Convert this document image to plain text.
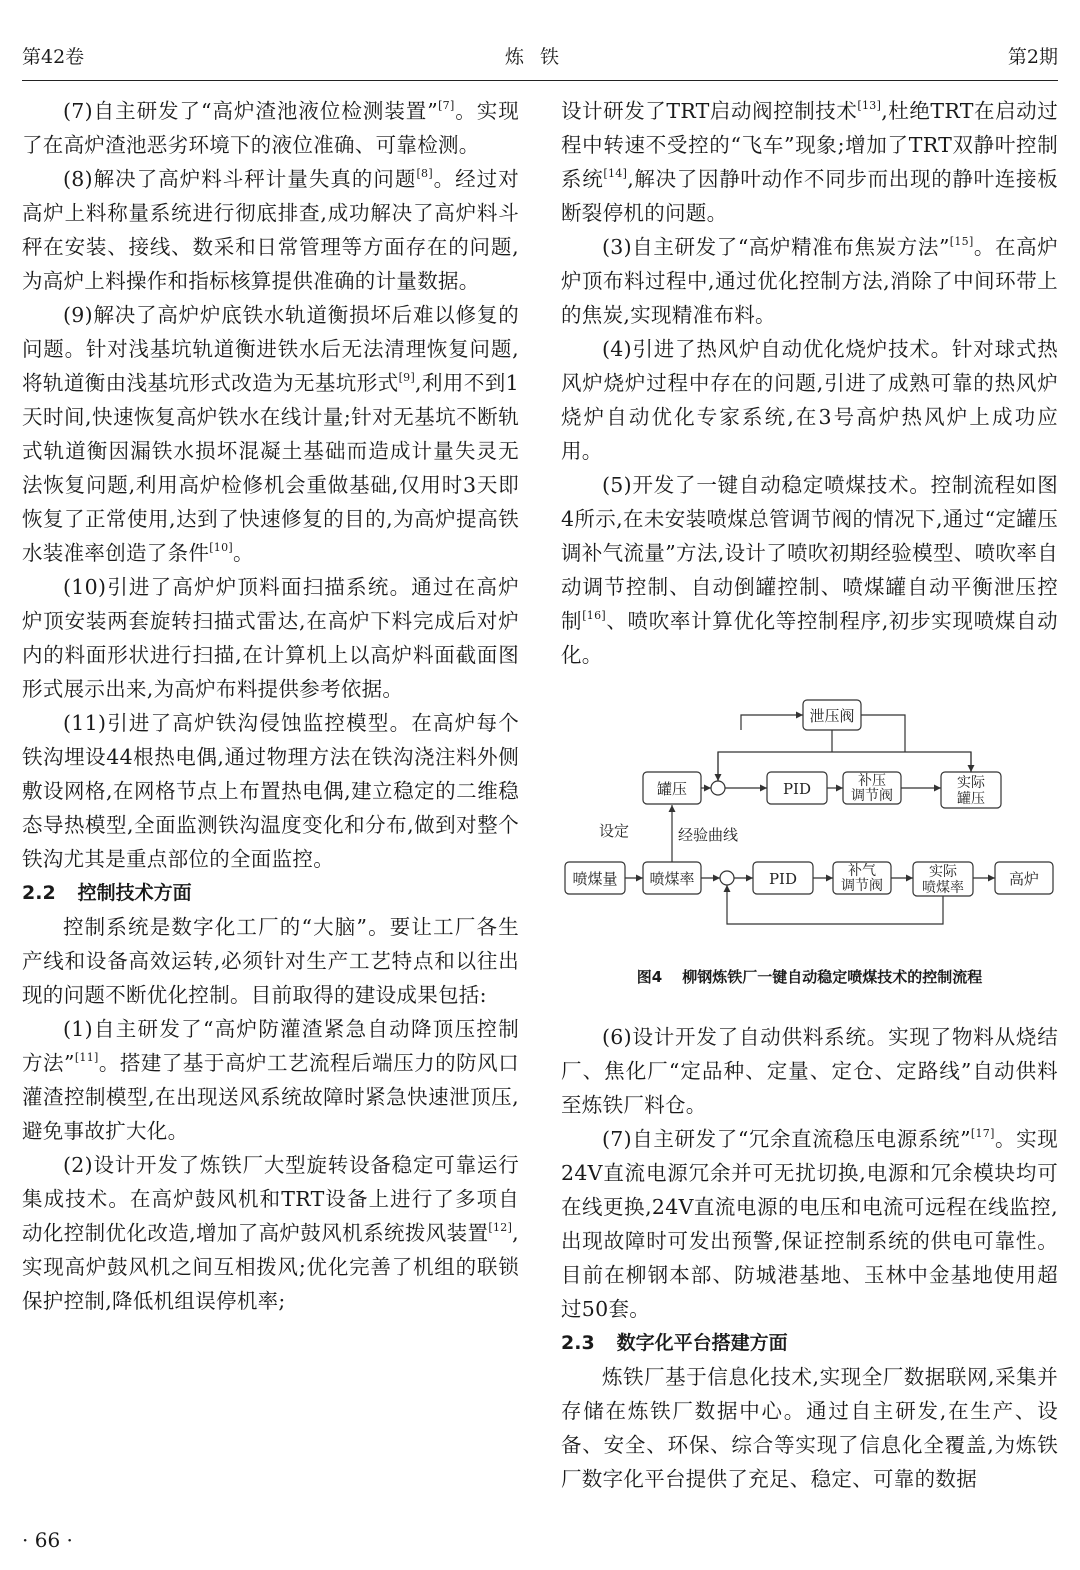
第42卷	炼铁	第2期

(7)自主研发了“高炉渣池液位检测装置”[7]。实现了在高炉渣池恶劣环境下的液位准确、可靠检测。

(8)解决了高炉料斗秤计量失真的问题[8]。经过对高炉上料称量系统进行彻底排查,成功解决了高炉料斗秤在安装、接线、数采和日常管理等方面存在的问题,为高炉上料操作和指标核算提供准确的计量数据。

(9)解决了高炉炉底铁水轨道衡损坏后难以修复的问题。针对浅基坑轨道衡进铁水后无法清理恢复问题,将轨道衡由浅基坑形式改造为无基坑形式[9],利用不到1天时间,快速恢复高炉铁水在线计量;针对无基坑不断轨式轨道衡因漏铁水损坏混凝土基础而造成计量失灵无法恢复问题,利用高炉检修机会重做基础,仅用时3天即恢复了正常使用,达到了快速修复的目的,为高炉提高铁水装准率创造了条件[10]。

(10)引进了高炉炉顶料面扫描系统。通过在高炉炉顶安装两套旋转扫描式雷达,在高炉下料完成后对炉内的料面形状进行扫描,在计算机上以高炉料面截面图形式展示出来,为高炉布料提供参考依据。

(11)引进了高炉铁沟侵蚀监控模型。在高炉每个铁沟埋设44根热电偶,通过物理方法在铁沟浇注料外侧敷设网格,在网格节点上布置热电偶,建立稳定的二维稳态导热模型,全面监测铁沟温度变化和分布,做到对整个铁沟尤其是重点部位的全面监控。

2.2 控制技术方面

控制系统是数字化工厂的“大脑”。要让工厂各生产线和设备高效运转,必须针对生产工艺特点和以往出现的问题不断优化控制。目前取得的建设成果包括:

(1)自主研发了“高炉防灌渣紧急自动降顶压控制方法”[11]。搭建了基于高炉工艺流程后端压力的防风口灌渣控制模型,在出现送风系统故障时紧急快速泄顶压,避免事故扩大化。

(2)设计开发了炼铁厂大型旋转设备稳定可靠运行集成技术。在高炉鼓风机和TRT设备上进行了多项自动化控制优化改造,增加了高炉鼓风机系统拨风装置[12],实现高炉鼓风机之间互相拨风;优化完善了机组的联锁保护控制,降低机组误停机率;

设计研发了TRT启动阀控制技术[13],杜绝TRT在启动过程中转速不受控的“飞车”现象;增加了TRT双静叶控制系统[14],解决了因静叶动作不同步而出现的静叶连接板断裂停机的问题。

(3)自主研发了“高炉精准布焦炭方法”[15]。在高炉炉顶布料过程中,通过优化控制方法,消除了中间环带上的焦炭,实现精准布料。

(4)引进了热风炉自动优化烧炉技术。针对球式热风炉烧炉过程中存在的问题,引进了成熟可靠的热风炉烧炉自动优化专家系统,在3号高炉热风炉上成功应用。

(5)开发了一键自动稳定喷煤技术。控制流程如图4所示,在未安装喷煤总管调节阀的情况下,通过“定罐压调补气流量”方法,设计了喷吹初期经验模型、喷吹率自动调节控制、自动倒罐控制、喷煤罐自动平衡泄压控制[16]、喷吹率计算优化等控制程序,初步实现喷煤自动化。

泄压阀
罐压	PID	补压
调节阀
实际
罐压
喷煤量 喷煤率	PID	补气
调节阀
实际
喷煤率	高炉
设定	经验曲线
图4 柳钢炼铁厂一键自动稳定喷煤技术的控制流程

(6)设计开发了自动供料系统。实现了物料从烧结厂、焦化厂“定品种、定量、定仓、定路线”自动供料至炼铁厂料仓。

(7)自主研发了“冗余直流稳压电源系统”[17]。实现24V直流电源冗余并可无扰切换,电源和冗余模块均可在线更换,24V直流电源的电压和电流可远程在线监控,出现故障时可发出预警,保证控制系统的供电可靠性。目前在柳钢本部、防城港基地、玉林中金基地使用超过50套。

2.3 数字化平台搭建方面

炼铁厂基于信息化技术,实现全厂数据联网,采集并存储在炼铁厂数据中心。通过自主研发,在生产、设备、安全、环保、综合等实现了信息化全覆盖,为炼铁厂数字化平台提供了充足、稳定、可靠的数据

· 66 ·
